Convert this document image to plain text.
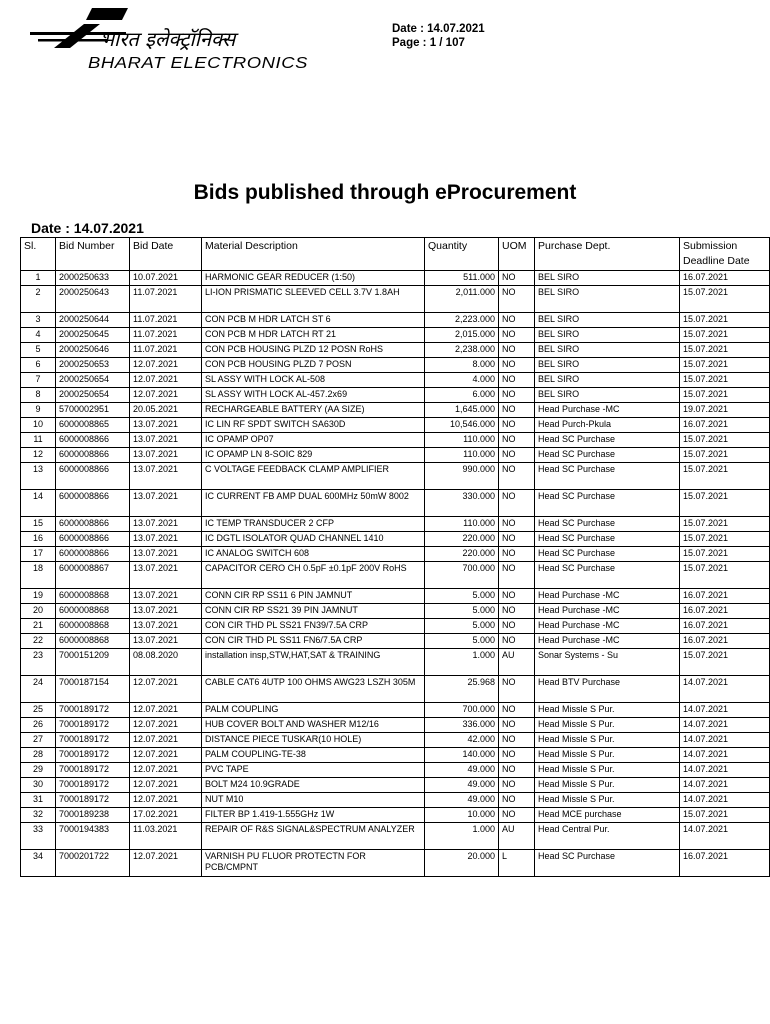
भारत इलेक्ट्रॉनिक्स
BHARAT ELECTRONICS
Date : 14.07.2021
Page : 1 / 107
Bids published through eProcurement
Date : 14.07.2021
Sl.	Bid Number	Bid Date	Material Description	Quantity	UOM	Purchase Dept.	Submission Deadline Date
1	2000250633	10.07.2021	HARMONIC GEAR REDUCER (1:50)	511.000	NO	BEL SIRO	16.07.2021
2	2000250643	11.07.2021	LI-ION PRISMATIC SLEEVED CELL 3.7V 1.8AH	2,011.000	NO	BEL SIRO	15.07.2021
3	2000250644	11.07.2021	CON PCB M HDR LATCH ST 6	2,223.000	NO	BEL SIRO	15.07.2021
4	2000250645	11.07.2021	CON PCB M HDR LATCH RT 21	2,015.000	NO	BEL SIRO	15.07.2021
5	2000250646	11.07.2021	CON PCB HOUSING PLZD 12 POSN RoHS	2,238.000	NO	BEL SIRO	15.07.2021
6	2000250653	12.07.2021	CON PCB HOUSING PLZD 7 POSN	8.000	NO	BEL SIRO	15.07.2021
7	2000250654	12.07.2021	SL ASSY WITH LOCK AL-508	4.000	NO	BEL SIRO	15.07.2021
8	2000250654	12.07.2021	SL ASSY WITH LOCK AL-457.2x69	6.000	NO	BEL SIRO	15.07.2021
9	5700002951	20.05.2021	RECHARGEABLE BATTERY (AA SIZE)	1,645.000	NO	Head Purchase -MC	19.07.2021
10	6000008865	13.07.2021	IC LIN RF SPDT SWITCH SA630D	10,546.000	NO	Head Purch-Pkula	16.07.2021
11	6000008866	13.07.2021	IC OPAMP OP07	110.000	NO	Head SC Purchase	15.07.2021
12	6000008866	13.07.2021	IC OPAMP LN 8-SOIC 829	110.000	NO	Head SC Purchase	15.07.2021
13	6000008866	13.07.2021	C VOLTAGE FEEDBACK CLAMP AMPLIFIER	990.000	NO	Head SC Purchase	15.07.2021
14	6000008866	13.07.2021	IC CURRENT FB AMP DUAL 600MHz 50mW 8002	330.000	NO	Head SC Purchase	15.07.2021
15	6000008866	13.07.2021	IC TEMP TRANSDUCER 2 CFP	110.000	NO	Head SC Purchase	15.07.2021
16	6000008866	13.07.2021	IC DGTL ISOLATOR QUAD CHANNEL 1410	220.000	NO	Head SC Purchase	15.07.2021
17	6000008866	13.07.2021	IC ANALOG SWITCH 608	220.000	NO	Head SC Purchase	15.07.2021
18	6000008867	13.07.2021	CAPACITOR CERO CH 0.5pF ±0.1pF 200V RoHS	700.000	NO	Head SC Purchase	15.07.2021
19	6000008868	13.07.2021	CONN CIR RP SS11 6 PIN JAMNUT	5.000	NO	Head Purchase -MC	16.07.2021
20	6000008868	13.07.2021	CONN CIR RP SS21 39 PIN JAMNUT	5.000	NO	Head Purchase -MC	16.07.2021
21	6000008868	13.07.2021	CON CIR THD PL SS21 FN39/7.5A CRP	5.000	NO	Head Purchase -MC	16.07.2021
22	6000008868	13.07.2021	CON CIR THD PL SS11 FN6/7.5A CRP	5.000	NO	Head Purchase -MC	16.07.2021
23	7000151209	08.08.2020	installation insp,STW,HAT,SAT & TRAINING	1.000	AU	Sonar Systems - Su	15.07.2021
24	7000187154	12.07.2021	CABLE CAT6 4UTP 100 OHMS AWG23 LSZH 305M	25.968	NO	Head BTV Purchase	14.07.2021
25	7000189172	12.07.2021	PALM COUPLING	700.000	NO	Head Missle S Pur.	14.07.2021
26	7000189172	12.07.2021	HUB COVER BOLT AND WASHER M12/16	336.000	NO	Head Missle S Pur.	14.07.2021
27	7000189172	12.07.2021	DISTANCE PIECE TUSKAR(10 HOLE)	42.000	NO	Head Missle S Pur.	14.07.2021
28	7000189172	12.07.2021	PALM COUPLING-TE-38	140.000	NO	Head Missle S Pur.	14.07.2021
29	7000189172	12.07.2021	PVC TAPE	49.000	NO	Head Missle S Pur.	14.07.2021
30	7000189172	12.07.2021	BOLT M24 10.9GRADE	49.000	NO	Head Missle S Pur.	14.07.2021
31	7000189172	12.07.2021	NUT M10	49.000	NO	Head Missle S Pur.	14.07.2021
32	7000189238	17.02.2021	FILTER BP 1.419-1.555GHz 1W	10.000	NO	Head MCE purchase	15.07.2021
33	7000194383	11.03.2021	REPAIR OF R&S SIGNAL&SPECTRUM ANALYZER	1.000	AU	Head Central Pur.	14.07.2021
34	7000201722	12.07.2021	VARNISH PU FLUOR PROTECTN FOR PCB/CMPNT	20.000	L	Head SC Purchase	16.07.2021
